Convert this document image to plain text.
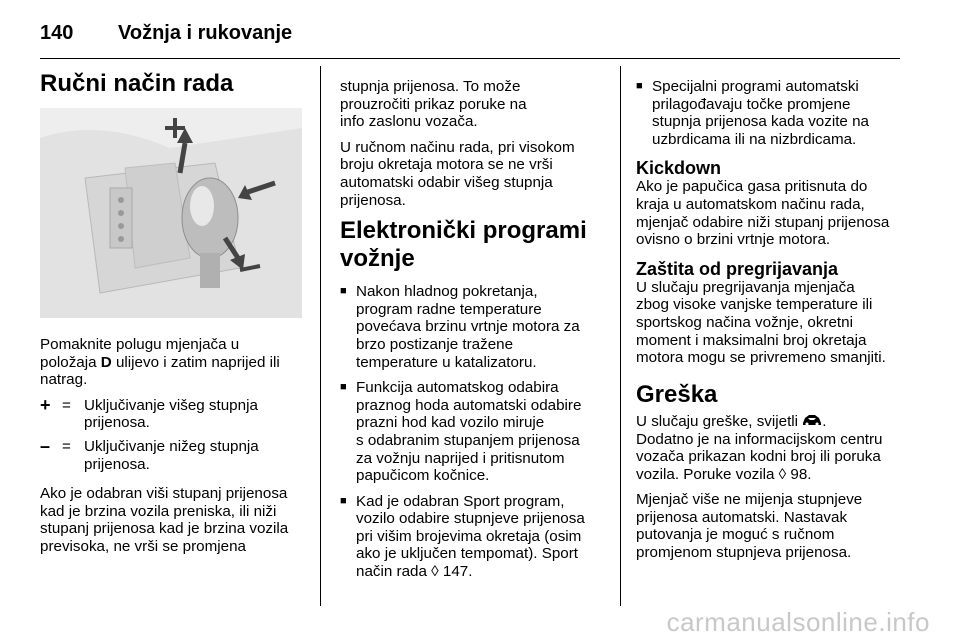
140 Vožnja i rukovanje
Ručni način rada

Pomaknite polugu mjenjača u
položaja D ulijevo i zatim naprijed ili
natrag.

+ = Uključivanje višeg stupnja
prijenosa.
– = Uključivanje nižeg stupnja
prijenosa.

Ako je odabran viši stupanj prijenosa
kad je brzina vozila preniska, ili niži
stupanj prijenosa kad je brzina vozila
previsoka, ne vrši se promjena

stupnja prijenosa. To može
prouzročiti prikaz poruke na
info zaslonu vozača.

U ručnom načinu rada, pri visokom
broju okretaja motora se ne vrši
automatski odabir višeg stupnja
prijenosa.

Elektronički programi
vožnje
■ Nakon hladnog pokretanja,
program radne temperature
povećava brzinu vrtnje motora za
brzo postizanje tražene
temperature u katalizatoru.
■ Funkcija automatskog odabira
praznog hoda automatski odabire
prazni hod kad vozilo miruje
s odabranim stupanjem prijenosa
za vožnju naprijed i pritisnutom
papučicom kočnice.
■ Kad je odabran Sport program,
vozilo odabire stupnjeve prijenosa
pri višim brojevima okretaja (osim
ako je uključen tempomat). Sport
način rada ◊ 147.
■ Specijalni programi automatski
prilagođavaju točke promjene
stupnja prijenosa kada vozite na
uzbrdicama ili na nizbrdicama.
Kickdown

Ako je papučica gasa pritisnuta do
kraja u automatskom načinu rada,
mjenjač odabire niži stupanj prijenosa
ovisno o brzini vrtnje motora.

Zaštita od pregrijavanja

U slučaju pregrijavanja mjenjača
zbog visoke vanjske temperature ili
sportskog načina vožnje, okretni
moment i maksimalni broj okretaja
motora mogu se privremeno smanjiti.

Greška

U slučaju greške, svijetli .
Dodatno je na informacijskom centru
vozača prikazan kodni broj ili poruka
vozila. Poruke vozila ◊ 98.

Mjenjač više ne mijenja stupnjeve
prijenosa automatski. Nastavak
putovanja je moguć s ručnom
promjenom stupnjeva prijenosa.

carmanualsonline.info
